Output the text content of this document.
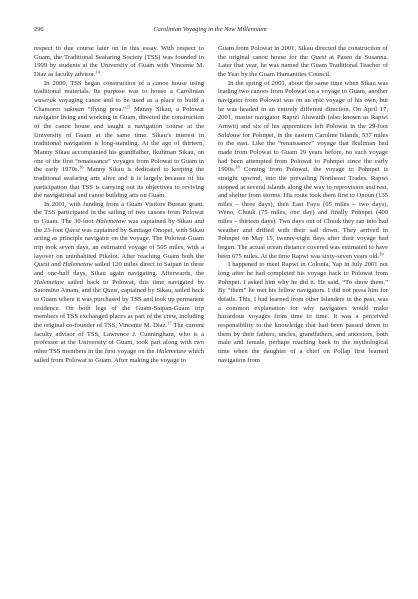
296	Carolinian Voyaging in the New Millennium

respect to due course later on in this essay. With respect to Guam, the Traditional Seafaring Society (TSS) was founded in 1999 by students at the University of Guam with Vincente M. Diaz as faculty advisor.$^{14}$

In 2000, TSS began construction of a canoe house using traditional materials. Its purpose was to house a Carolinian waserak voyaging canoe and to be used as a place to build a Chamorro sakman “flying proa.”$^{15}$ Manny Sikau, a Polowat navigator living and working in Guam, directed the construction of the canoe house and taught a navigation course at the University of Guam at the same time. Sikau’s interest in traditional navigation is long-standing. At the age of thirteen, Manny Sikau accompanied his grandfather, Ikuliman Sikau, on one of the first “renaissance” voyages from Polowat to Guam in the early 1970s.$^{16}$ Manny Sikau is dedicated to keeping the traditional seafaring arts alive and it is largely because of his participation that TSS is carrying out its objectives to reviving the navigational and canoe building arts on Guam.

In 2001, with funding from a Guam Visitors Bureau grant, the TSS participated in the sailing of two canoes from Polowat to Guam. The 30-foot Halemetaw was captained by Sikau and the 23-foot Quest was captained by Santiago Onopei, with Sikau acting as principle navigator on the voyage. The Polowat-Guam trip took seven days, an estimated voyage of 505 miles, with a layover on uninhabited Pikelot. After reaching Guam both the Quest and Halemetaw sailed 120 miles direct to Saipan in three and one-half days, Sikau again navigating. Afterwards, the Halemetaw sailed back to Polowat, this time navigated by Satomino Ainam, and the Quest, captained by Sikau, sailed back to Guam where it was purchased by TSS and took up permanent residence. On both legs of the Guam-Saipan-Guam trip members of TSS exchanged places as part of the crew, including the original co-founder of TSS, Vincente M. Diaz.$^{17}$ The current faculty advisor of TSS, Lawrence J. Cunningham, who is a professor at the University of Guam, took part along with two other TSS members in the first voyage on the Halemetaw which sailed from Polowat to Guam. After making the voyage to

Guam from Polowat in 2001, Sikau directed the construction of the original canoe house for the Quest at Paseo de Susanna. Later that year, he was named the Guam Traditional Teacher of the Year by the Guam Humanities Council.

In the spring of 2001, about the same time when Sikau was leading two canoes from Polowat on a voyage to Guam, another navigator from Polowat was on an epic voyage of his own, but he was headed in an entirely different direction. On April 17, 2001, master navigator Rapwi Aluwaith (also known as Rapwi Amwit) and six of his apprentices left Polowat in the 29-foot Saldouw for Pohnpei, in the eastern Caroline Islands, 537 miles to the east. Like the “renaissance” voyage that Ikuliman had made from Polowat to Guam 29 years before, no such voyage had been attempted from Polowat to Pohnpei since the early 1900s.$^{18}$ Coming from Polowat, the voyage to Pohnpei is straight upwind, into the prevailing Northeast Trades. Rapwi stopped at several islands along the way to reprovision and rest, and shelter from storms. His route took them first to Onoun (135 miles – three days), then East Fayu (65 miles – two days), Weno, Chuuk (75 miles, one day) and finally Pohnpei (400 miles – thirteen days). Two days out of Chuuk they ran into bad weather and drifted with their sail down. They arrived in Pohnpei on May 15, twenty-eight days after their voyage had begun. The actual ocean distance covered was estimated to have been 675 miles. At the time Rapwi was sixty-seven years old.$^{19}$

I happened to meet Rapwi in Colonia, Yap in July 2001 not long after he had completed his voyage back to Polowat from Pohnpei. I asked him why he did it. He said, “To show them.” By “them” he met his fellow navigators. I did not press him for details. This, I had learned from other Islanders in the past, was a common explanation for why navigators would make hazardous voyages from time to time. It was a perceived responsibility to the knowledge that had been passed down to them by their fathers, uncles, grandfathers, and ancestors, both male and female, perhaps reaching back to the mythological time when the daughter of a chief on Pollap first learned navigation from
